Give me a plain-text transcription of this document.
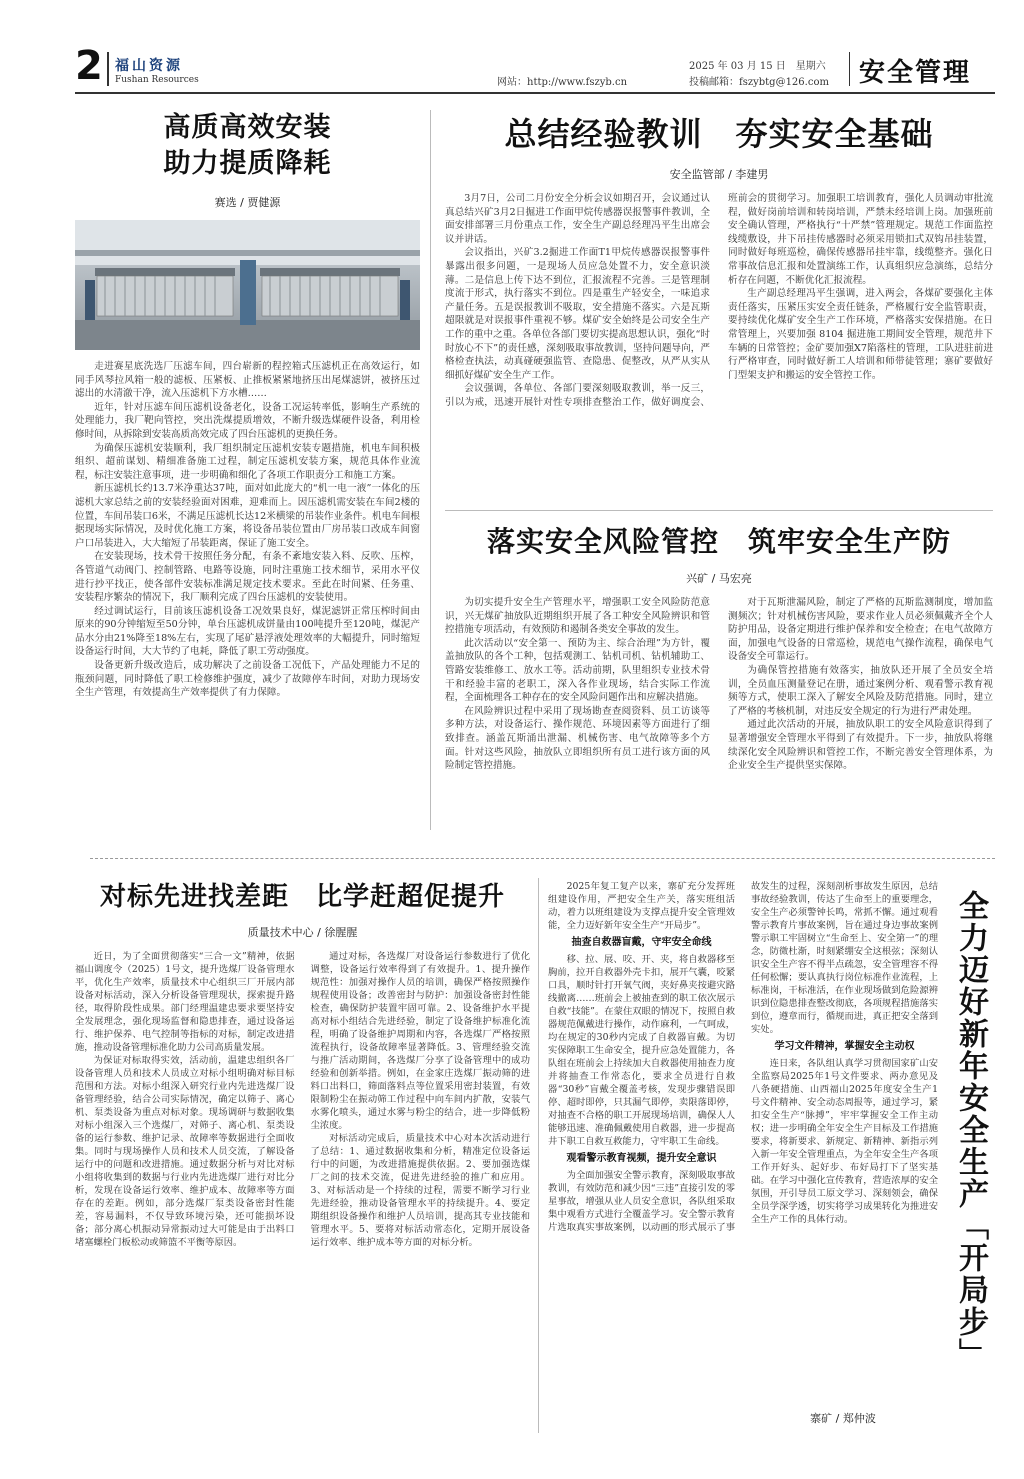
2 福山资源
Fushan Resources
2025 年 03 月 15 日　星期六
网站：http://www.fszyb.cn	投稿邮箱：fszybtg@126.com 安全管理
高质高效安装
助力提质降耗
赛选 / 贾健源

走进赛星底洗选厂压滤车间，四台崭新的程控箱式压滤机正在高效运行，如同手风琴拉风箱一般的滤板、压紧板、止推板紧紧地挤压出尾煤滤饼，被挤压过滤出的水清澈干净，流入压滤机下方水槽……

近年，针对压滤车间压滤机设备老化，设备工况运转率低，影响生产系统的处理能力，我厂靶向管控，突出洗煤提质增效，不断升级选煤硬件设备，利用检修时间，从拆除到安装高质高效完成了四台压滤机的更换任务。

为确保压滤机安装顺利，我厂组织制定压滤机安装专题措施，机电车间积极组织、超前谋划、精细准备施工过程，制定压滤机安装方案，规范具体作业流程，标注安装注意事项，进一步明确和细化了各项工作职责分工和施工方案。

新压滤机长约13.7米净重达37吨，面对如此庞大的“机一电一液”一体化的压滤机大家总结之前的安装经验面对困难，迎难而上。因压滤机需安装在车间2楼的位置，车间吊装口6米，不满足压滤机长达12米横梁的吊装作业条件。机电车间根据现场实际情况，及时优化施工方案，将设备吊装位置由厂房吊装口改成车间窗户口吊装进入，大大缩短了吊装距离，保证了施工安全。

在安装现场，技术骨干按照任务分配，有条不紊地安装入料、反吹、压榨，各管道气动阀门、控制管路、电路等设施，同时注重施工技术细节，采用水平仪进行抄平找正，使各部件安装标准满足规定技术要求。至此在时间紧、任务重、安装程序繁杂的情况下，我厂顺利完成了四台压滤机的安装使用。

经过调试运行，目前该压滤机设备工况效果良好，煤泥滤饼正常压榨时间由原来的90分钟缩短至50分钟，单台压滤机成饼量由100吨提升至120吨，煤泥产品水分由21%降至18%左右，实现了尾矿悬浮液处理效率的大幅提升，同时缩短设备运行时间，大大节约了电耗，降低了职工劳动强度。

设备更新升级改造后，成功解决了之前设备工况低下，产品处理能力不足的瓶颈问题，同时降低了职工检修维护强度，减少了故障停车时间，对助力现场安全生产管理，有效提高生产效率提供了有力保障。

总结经验教训　夯实安全基础
安全监管部 / 李建男

3月7日，公司二月份安全分析会议如期召开，会议通过认真总结兴矿3月2日掘进工作面甲烷传感器误报警事件教训，全面安排部署三月份重点工作，安全生产副总经理冯平生出席会议并讲话。

会议指出，兴矿3.2掘进工作面T1甲烷传感器误报警事件暴露出很多问题，一是现场人员应急处置不力，安全意识淡薄。二是信息上传下达不到位，汇报流程不完善。三是管理制度流于形式，执行落实不到位。四是重生产轻安全，一味追求产量任务。五是误报教训不吸取，安全措施不落实。六是瓦斯超限就是对误报事件重视不够。煤矿安全始终是公司安全生产工作的重中之重。各单位各部门要切实提高思想认识，强化“时时放心不下”的责任感，深刻吸取事故教训，坚持问题导向，严格检查执法，动真碰硬强监管、查隐患、促整改，从严从实从细抓好煤矿安全生产工作。

会议强调，各单位、各部门要深刻吸取教训，举一反三，引以为戒，迅速开展针对性专项排查整治工作，做好调度会、班前会的贯彻学习。加强职工培训教育，强化人员调动审批流程，做好岗前培训和转岗培训，严禁未经培训上岗。加强班前安全确认管理，严格执行“十严禁”管理规定。规范工作面监控线缆敷设，井下吊挂传感器时必须采用锁扣式双钩吊挂装置，同时做好每班巡检，确保传感器吊挂牢靠，线缆整齐。强化日常事故信息汇报和处置演练工作，认真组织应急演练，总结分析存在问题，不断优化汇报流程。

生产副总经理冯平生强调，进入两会，各煤矿要强化主体责任落实，压紧压实安全责任链条，严格履行安全监管职责，要持续优化煤矿安全生产工作环境，严格落实安保措施。在日常管理上，兴要加强 8104 掘进施工期间安全管理，规范井下车辆的日常管控；金矿要加强X7陷落柱的管理，工队进驻前进行严格审查，同时做好新工人培训和师带徒管理；寨矿要做好门型架支护和搬运的安全管控工作。

落实安全风险管控　筑牢安全生产防
兴矿 / 马宏亮

为切实提升安全生产管理水平，增强职工安全风险防范意识，兴无煤矿抽放队近期组织开展了各工种安全风险辨识和管控措施专项活动，有效预防和遏制各类安全事故的发生。

此次活动以“安全第一、预防为主、综合治理”为方针，覆盖抽放队的各个工种，包括观测工、钻机司机、钻机辅助工、管路安装维修工、放水工等。活动前期，队里组织专业技术骨干和经验丰富的老职工，深入各作业现场，结合实际工作流程，全面梳理各工种存在的安全风险问题作出和应解决措施。

在风险辨识过程中采用了现场勘查查阅资料、员工访谈等多种方法，对设备运行、操作规范、环境因素等方面进行了细致排查。涵盖瓦斯涌出泄漏、机械伤害、电气故障等多个方面。针对这些风险，抽放队立即组织所有员工进行该方面的风险制定管控措施。

对于瓦斯泄漏风险，制定了严格的瓦斯监测制度，增加监测频次；针对机械伤害风险，要求作业人员必须佩戴齐全个人防护用品，设备定期进行维护保养和安全检查；在电气故障方面，加强电气设备的日常巡检，规范电气操作流程，确保电气设备安全可靠运行。

为确保管控措施有效落实，抽放队还开展了全员安全培训，全员血压测量登记在册，通过案例分析、观看警示教育视频等方式，使职工深入了解安全风险及防范措施。同时，建立了严格的考核机制，对违反安全规定的行为进行严肃处理。

通过此次活动的开展，抽放队职工的安全风险意识得到了显著增强安全管理水平得到了有效提升。下一步，抽放队将继续深化安全风险辨识和管控工作，不断完善安全管理体系，为企业安全生产提供坚实保障。

对标先进找差距　比学赶超促提升
质量技术中心 / 徐腥腥

近日，为了全面贯彻落实“三合一文”精神，依据福山调度令（2025）1号文，提升选煤厂设备管理水平，优化生产效率，质量技术中心组织三厂开展内部设备对标活动，深入分析设备管理现状，探索提升路径，取得阶段性成果。部门经理温建忠要求要坚持安全发展理念，强化现场监督和隐患排查，通过设备运行、维护保养、电气控制等指标的对标，制定改进措施，推动设备管理标准化助力公司高质量发展。

为保证对标取得实效，活动前，温建忠组织各厂设备管理人员和技术人员成立对标小组明确对标目标范围和方法。对标小组深入研究行业内先进选煤厂设备管理经验，结合公司实际情况，确定以筛子、离心机、泵类设备为重点对标对象。现场调研与数据收集对标小组深入三个选煤厂，对筛子、离心机、泵类设备的运行参数、维护记录、故障率等数据进行全面收集。同时与现场操作人员和技术人员交流，了解设备运行中的问题和改进措施。通过数据分析与对比对标小组将收集到的数据与行业内先进选煤厂进行对比分析，发现在设备运行效率、维护成本、故障率等方面存在的差距。例如，部分选煤厂泵类设备密封性能差，容易漏料，不仅导致环境污染，还可能损坏设备；部分离心机振动异常振动过大可能是由于出料口堵塞螺栓门板松动或筛篮不平衡等原因。

通过对标，各选煤厂对设备运行参数进行了优化调整，设备运行效率得到了有效提升。1、提升操作规范性：加强对操作人员的培训，确保严格按照操作规程使用设备；改善密封与防护：加强设备密封性能检查，确保防护装置牢固可靠。2、设备维护水平提高对标小组结合先进经验，制定了设备维护标准化流程，明确了设备维护周期和内容，各选煤厂严格按照流程执行，设备故障率显著降低。3、管理经验交流与推广活动期间，各选煤厂分享了设备管理中的成功经验和创新举措。例如，在金家庄选煤厂振动筛的进料口出料口，筛面落料点等位置采用密封装置，有效限制粉尘在振动筛工作过程中向车间内扩散，安装气水雾化喷头，通过水雾与粉尘的结合，进一步降低粉尘浓度。

对标活动完成后，质量技术中心对本次活动进行了总结：1、通过数据收集和分析，精准定位设备运行中的问题，为改进措施提供依据。2、要加强选煤厂之间的技术交流，促进先进经验的推广和应用。3、对标活动是一个持续的过程，需要不断学习行业先进经验，推动设备管理水平的持续提升。4、要定期组织设备操作和维护人员培训，提高其专业技能和管理水平。5、要将对标活动常态化，定期开展设备运行效率、维护成本等方面的对标分析。

2025年复工复产以来，寨矿充分发挥班组建设作用，严把安全生产关，落实班组活动，着力以班组建设为支撑点提升安全管理效能，全力迈好新年安全生产“开局步”。

抽查自救器盲戴，守牢安全命线

移、拉、展、咬、开、夹，将自救器移至胸前，拉开自救器外壳卡扣，展开气囊，咬紧口具，顺时针打开氧气阀，夹好鼻夹按避灾路线撤离……班前会上被抽查到的职工依次展示自救“技能”。在蒙住双眼的情况下，按照自救器规范佩戴进行操作，动作麻利，一气呵成，均在规定的30秒内完成了自救器盲戴。为切实保障职工生命安全，提升应急处置能力，各队组在班前会上持续加大自救器使用抽查力度并将抽查工作常态化，要求全员进行自救器“30秒”盲戴全覆盖考核，发现步骤错误即停、超时即停，只其漏气即停，卖限落即停，对抽查不合格的职工开展现场培训，确保人人能够迅速、准确佩戴使用自救器，进一步提高井下职工自救互救能力，守牢职工生命线。

观看警示教育视频，提升安全意识

为全面加强安全警示教育，深刻吸取事故教训，有效防范和减少因“三违”直接引发的零星事故，增强从业人员安全意识，各队组采取集中观看方式进行全覆盖学习。安全警示教育片选取真实事故案例，以动画的形式展示了事故发生的过程，深刻剖析事故发生原因，总结事故经验教训，传达了生命至上的重要理念，安全生产必须警钟长鸣，常抓不懈。通过观看警示教育片事故案例，旨在通过身边事故案例警示职工牢固树立“生命至上、安全第一”的理念，防微杜渐，时刻紧绷安全这根弦；深刻认识安全生产容不得半点疏忽，安全管理容不得任何松懈；要认真执行岗位标准作业流程，上标准岗，干标准活，在作业现场做到危险源辨识到位隐患排查整改彻底，各项规程措施落实到位，遵章而行，循规而进，真正把安全落到实处。

学习文件精神，掌握安全主动权

连日来，各队组认真学习贯彻国家矿山安全监察局2025年1号文件要求、两办意见及八条硬措施、山西福山2025年度安全生产1号文件精神、安全动态周报等，通过学习，紧扣安全生产“脉搏”，牢牢掌握安全工作主动权；进一步明确全年安全生产目标及工作措施要求，将新要求、新规定、新精神、新指示列入新一年安全管理重点，为全年安全生产各项工作开好头、起好步、布好局打下了坚实基础。在学习中强化宣传教育，营造浓厚的安全氛围，开引导员工原文学习、深刻领会，确保全员学深学透，切实将学习成果转化为推进安全生产工作的具体行动。

寨矿 / 郑仲波
全力迈好新年安全生产「开局步」
